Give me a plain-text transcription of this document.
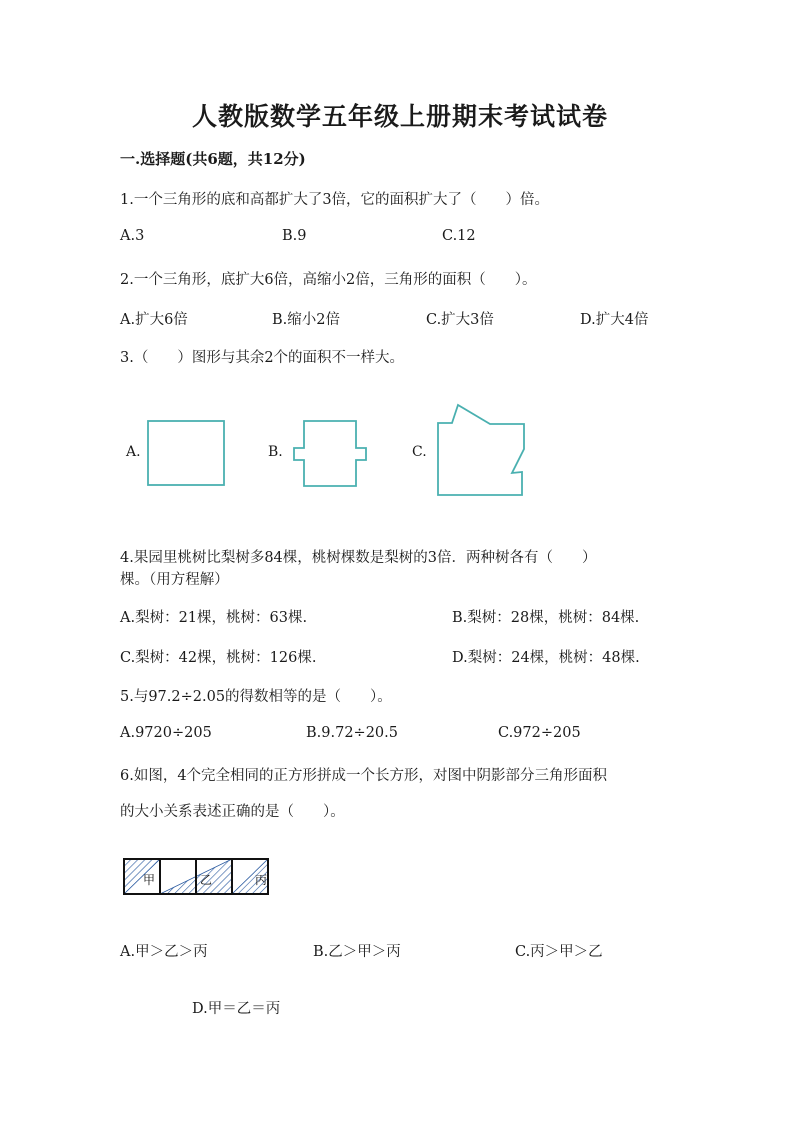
人教版数学五年级上册期末考试试卷
一.选择题(共6题，共12分)
1.一个三角形的底和高都扩大了3倍，它的面积扩大了（　　）倍。
A.3	B.9	C.12
2.一个三角形，底扩大6倍，高缩小2倍，三角形的面积（　　）。
A.扩大6倍	B.缩小2倍	C.扩大3倍	D.扩大4倍
3.（　　）图形与其余2个的面积不一样大。
A.	B.	C.
4.果园里桃树比梨树多84棵，桃树棵数是梨树的3倍．两种树各有（　　）
棵。（用方程解）
A.梨树：21棵，桃树：63棵.	B.梨树：28棵，桃树：84棵.
C.梨树：42棵，桃树：126棵.	D.梨树：24棵，桃树：48棵.
5.与97.2÷2.05的得数相等的是（　　）。
A.9720÷205	B.9.72÷20.5	C.972÷205
6.如图，4个完全相同的正方形拼成一个长方形，对图中阴影部分三角形面积
的大小关系表述正确的是（　　）。
甲	乙	丙
A.甲＞乙＞丙	B.乙＞甲＞丙	C.丙＞甲＞乙
D.甲＝乙＝丙
